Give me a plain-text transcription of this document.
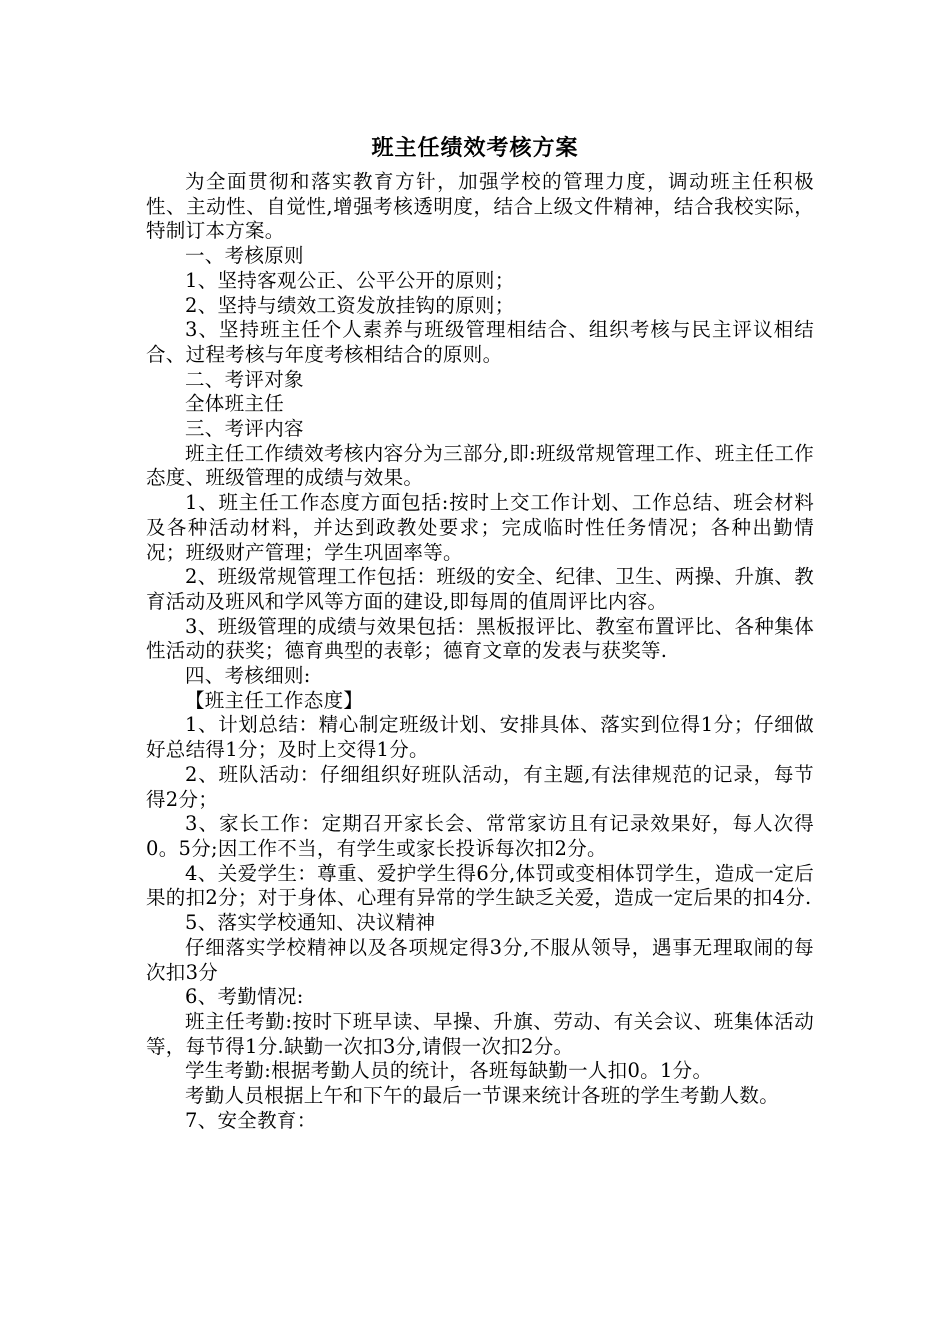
班主任绩效考核方案

为全面贯彻和落实教育方针，加强学校的管理力度，调动班主任积极性、主动性、自觉性,增强考核透明度，结合上级文件精神，结合我校实际，特制订本方案。

一、考核原则

1、坚持客观公正、公平公开的原则；

2、坚持与绩效工资发放挂钩的原则；

3、坚持班主任个人素养与班级管理相结合、组织考核与民主评议相结合、过程考核与年度考核相结合的原则。

二、考评对象

全体班主任

三、考评内容

班主任工作绩效考核内容分为三部分,即:班级常规管理工作、班主任工作态度、班级管理的成绩与效果。

1、班主任工作态度方面包括:按时上交工作计划、工作总结、班会材料及各种活动材料，并达到政教处要求；完成临时性任务情况；各种出勤情况；班级财产管理；学生巩固率等。

2、班级常规管理工作包括：班级的安全、纪律、卫生、两操、升旗、教育活动及班风和学风等方面的建设,即每周的值周评比内容。

3、班级管理的成绩与效果包括：黑板报评比、教室布置评比、各种集体性活动的获奖；德育典型的表彰；德育文章的发表与获奖等.

四、考核细则:

【班主任工作态度】

1、计划总结：精心制定班级计划、安排具体、落实到位得1分；仔细做好总结得1分；及时上交得1分。

2、班队活动：仔细组织好班队活动，有主题,有法律规范的记录，每节得2分；

3、家长工作：定期召开家长会、常常家访且有记录效果好，每人次得0。5分;因工作不当，有学生或家长投诉每次扣2分。

4、关爱学生：尊重、爱护学生得6分,体罚或变相体罚学生，造成一定后果的扣2分；对于身体、心理有异常的学生缺乏关爱，造成一定后果的扣4分.

5、落实学校通知、决议精神

仔细落实学校精神以及各项规定得3分,不服从领导，遇事无理取闹的每次扣3分

6、考勤情况:

班主任考勤:按时下班早读、早操、升旗、劳动、有关会议、班集体活动等，每节得1分.缺勤一次扣3分,请假一次扣2分。

学生考勤:根据考勤人员的统计，各班每缺勤一人扣0。1分。

考勤人员根据上午和下午的最后一节课来统计各班的学生考勤人数。

7、安全教育：
